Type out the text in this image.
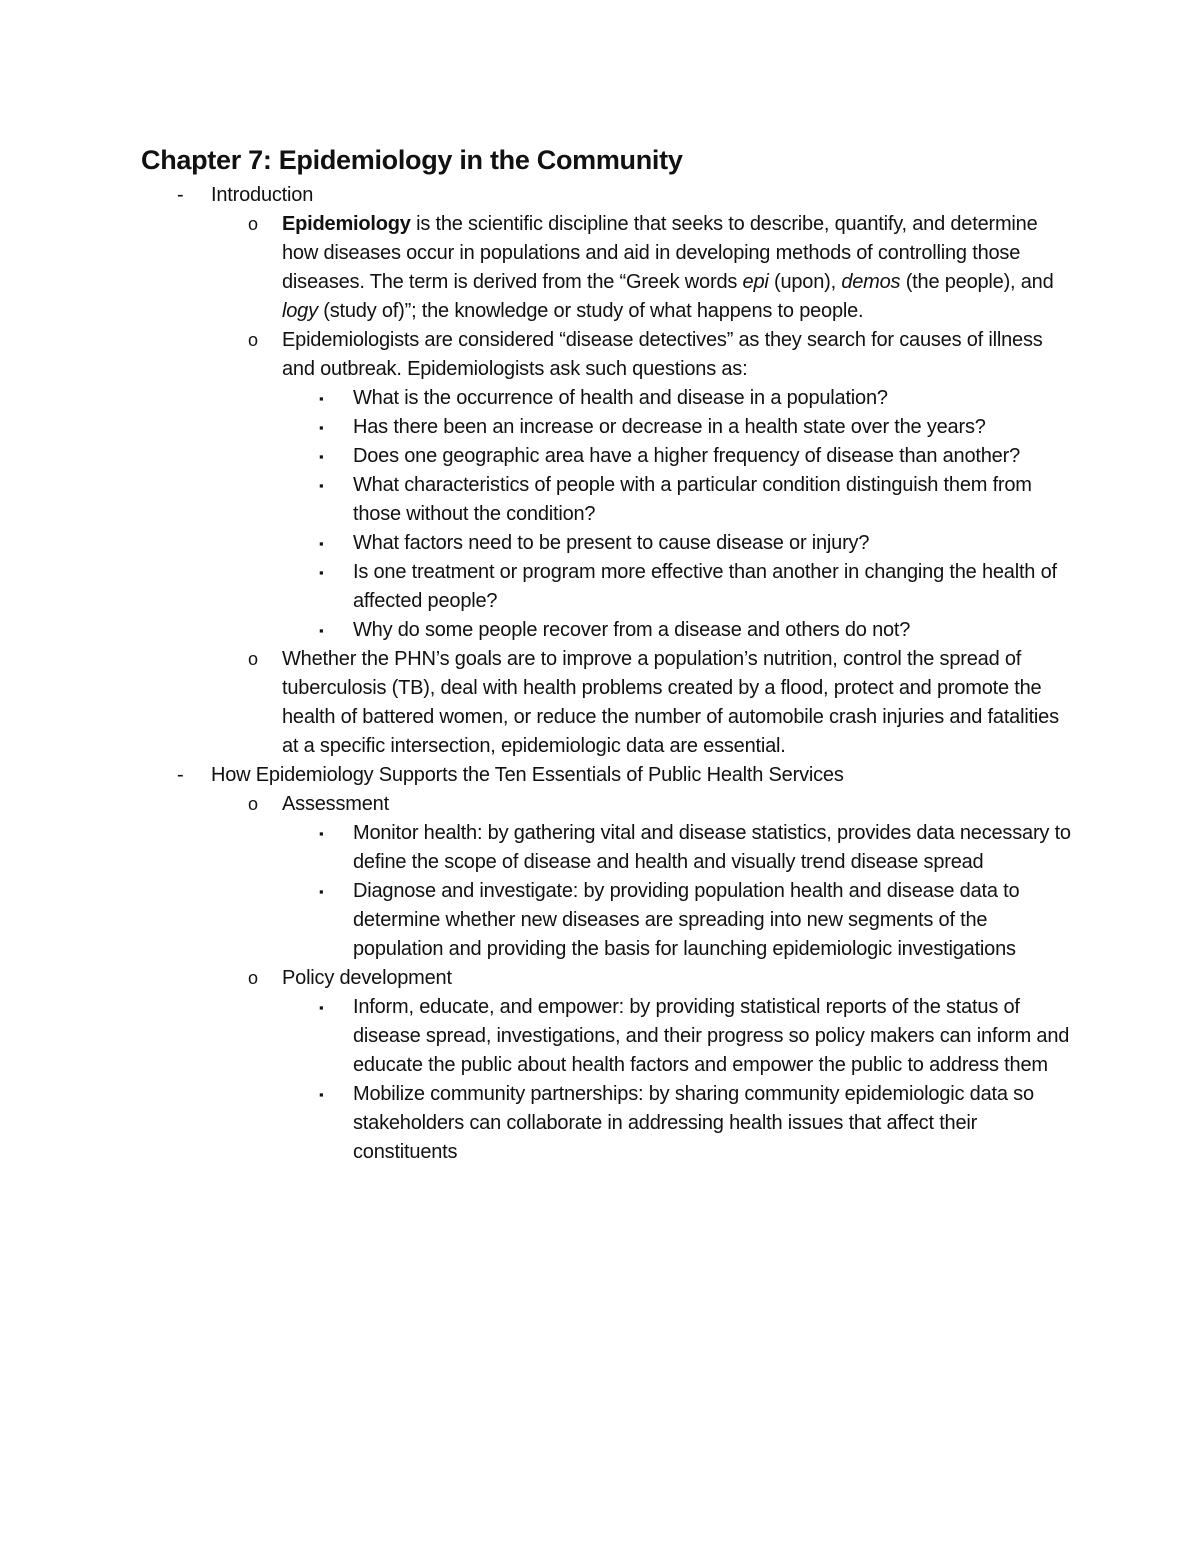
Chapter 7: Epidemiology in the Community
- Introduction
o Epidemiology is the scientific discipline that seeks to describe, quantify, and determine how diseases occur in populations and aid in developing methods of controlling those diseases. The term is derived from the “Greek words epi (upon), demos (the people), and logy (study of)”; the knowledge or study of what happens to people.
o Epidemiologists are considered “disease detectives” as they search for causes of illness and outbreak. Epidemiologists ask such questions as:
▪ What is the occurrence of health and disease in a population?
▪ Has there been an increase or decrease in a health state over the years?
▪ Does one geographic area have a higher frequency of disease than another?
▪ What characteristics of people with a particular condition distinguish them from those without the condition?
▪ What factors need to be present to cause disease or injury?
▪ Is one treatment or program more effective than another in changing the health of affected people?
▪ Why do some people recover from a disease and others do not?
o Whether the PHN’s goals are to improve a population’s nutrition, control the spread of tuberculosis (TB), deal with health problems created by a flood, protect and promote the health of battered women, or reduce the number of automobile crash injuries and fatalities at a specific intersection, epidemiologic data are essential.
- How Epidemiology Supports the Ten Essentials of Public Health Services
o Assessment
▪ Monitor health: by gathering vital and disease statistics, provides data necessary to define the scope of disease and health and visually trend disease spread
▪ Diagnose and investigate: by providing population health and disease data to determine whether new diseases are spreading into new segments of the population and providing the basis for launching epidemiologic investigations
o Policy development
▪ Inform, educate, and empower: by providing statistical reports of the status of disease spread, investigations, and their progress so policy makers can inform and educate the public about health factors and empower the public to address them
▪ Mobilize community partnerships: by sharing community epidemiologic data so stakeholders can collaborate in addressing health issues that affect their constituents
